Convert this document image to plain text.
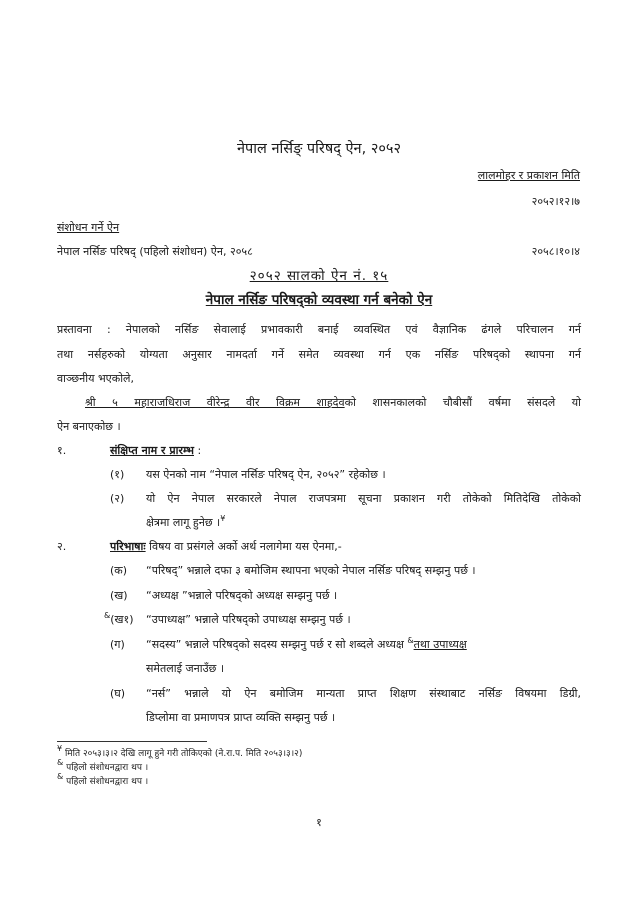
नेपाल नर्सिङ् परिषद् ऐन, २०५२
लालमोहर र प्रकाशन मिति
२०५२।१२।७
संशोधन गर्ने ऐन
नेपाल नर्सिङ परिषद् (पहिलो संशोधन) ऐन, २०५८	२०५८।१०।४
२०५२ सालको ऐन नं. १५
नेपाल नर्सिङ परिषद्को व्यवस्था गर्न बनेको ऐन
प्रस्तावना : नेपालको नर्सिङ सेवालाई प्रभावकारी बनाई व्यवस्थित एवं वैज्ञानिक ढंगले परिचालन गर्न
तथा नर्सहरुको योग्यता अनुसार नामदर्ता गर्ने समेत व्यवस्था गर्न एक नर्सिङ परिषद्को स्थापना गर्न
वाञ्छनीय भएकोले,
श्री ५ महाराजधिराज वीरेन्द्र वीर विक्रम शाहदेवको शासनकालको चौबीसौं वर्षमा संसदले यो
ऐन बनाएकोछ ।
१.	संक्षिप्त नाम र प्रारम्भ :
(१) यस ऐनको नाम “नेपाल नर्सिङ परिषद् ऐन, २०५२” रहेकोछ ।
(२) यो ऐन नेपाल सरकारले नेपाल राजपत्रमा सूचना प्रकाशन गरी तोकेको मितिदेखि तोकेको
क्षेत्रमा लागू हुनेछ ।¥
२.	परिभाषाः विषय वा प्रसंगले अर्को अर्थ नलागेमा यस ऐनमा,-
(क) “परिषद्” भन्नाले दफा ३ बमोजिम स्थापना भएको नेपाल नर्सिङ परिषद् सम्झनु पर्छ ।
(ख) “अध्यक्ष ”भन्नाले परिषद्को अध्यक्ष सम्झनु पर्छ ।
&(ख१) “उपाध्यक्ष” भन्नाले परिषद्को उपाध्यक्ष सम्झनु पर्छ ।
(ग) “सदस्य” भन्नाले परिषद्को सदस्य सम्झनु पर्छ र सो शब्दले अध्यक्ष &तथा उपाध्यक्ष
समेतलाई जनाउँछ ।
(घ) “नर्स” भन्नाले यो ऐन बमोजिम मान्यता प्राप्त शिक्षण संस्थाबाट नर्सिङ विषयमा डिग्री,
डिप्लोमा वा प्रमाणपत्र प्राप्त व्यक्ति सम्झनु पर्छ ।
¥ मिति २०५३।३।२ देखि लागू हुने गरी तोकिएको (ने.रा.प. मिति २०५३।३।२)
& पहिलो संशोधनद्वारा थप ।
& पहिलो संशोधनद्वारा थप ।
१
